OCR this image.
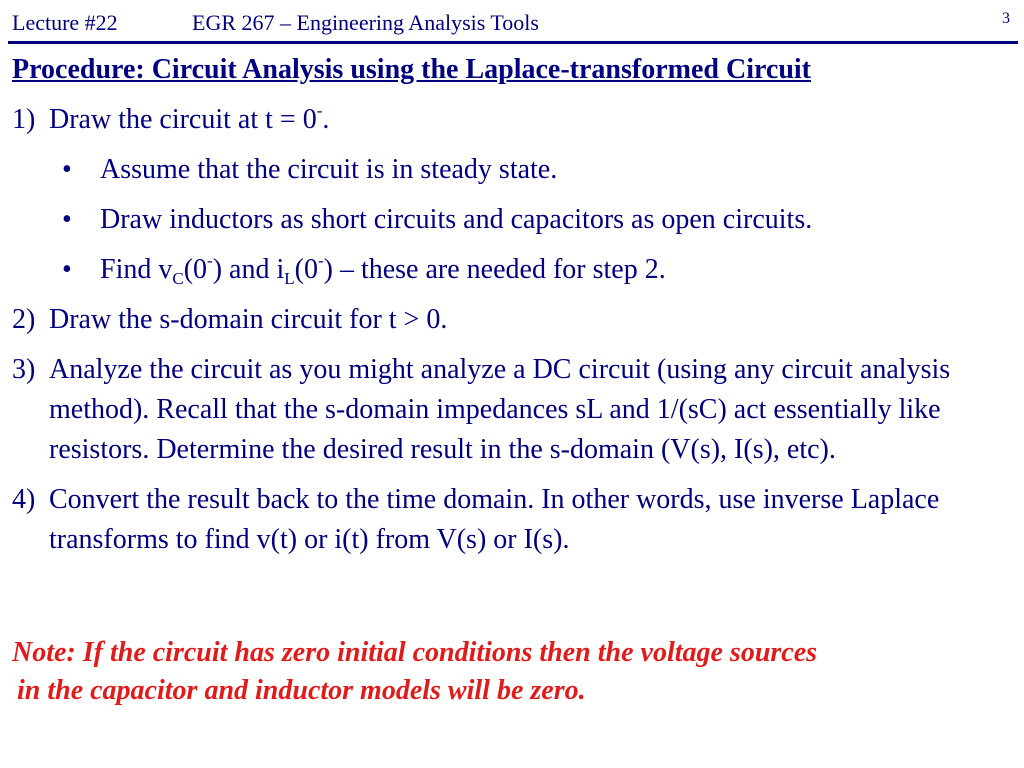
Lecture #22	EGR 267 – Engineering Analysis Tools	3
Procedure: Circuit Analysis using the Laplace-transformed Circuit
1) Draw the circuit at t = 0-.
• Assume that the circuit is in steady state.
• Draw inductors as short circuits and capacitors as open circuits.
• Find $v_C(0^-)$ and $i_L(0^-)$ – these are needed for step 2.
2) Draw the s-domain circuit for t > 0.
3) Analyze the circuit as you might analyze a DC circuit (using any circuit analysis method). Recall that the s-domain impedances sL and 1/(sC) act essentially like resistors. Determine the desired result in the s-domain (V(s), I(s), etc).
4) Convert the result back to the time domain. In other words, use inverse Laplace transforms to find v(t) or i(t) from V(s) or I(s).
Note: If the circuit has zero initial conditions then the voltage sources
in the capacitor and inductor models will be zero.
